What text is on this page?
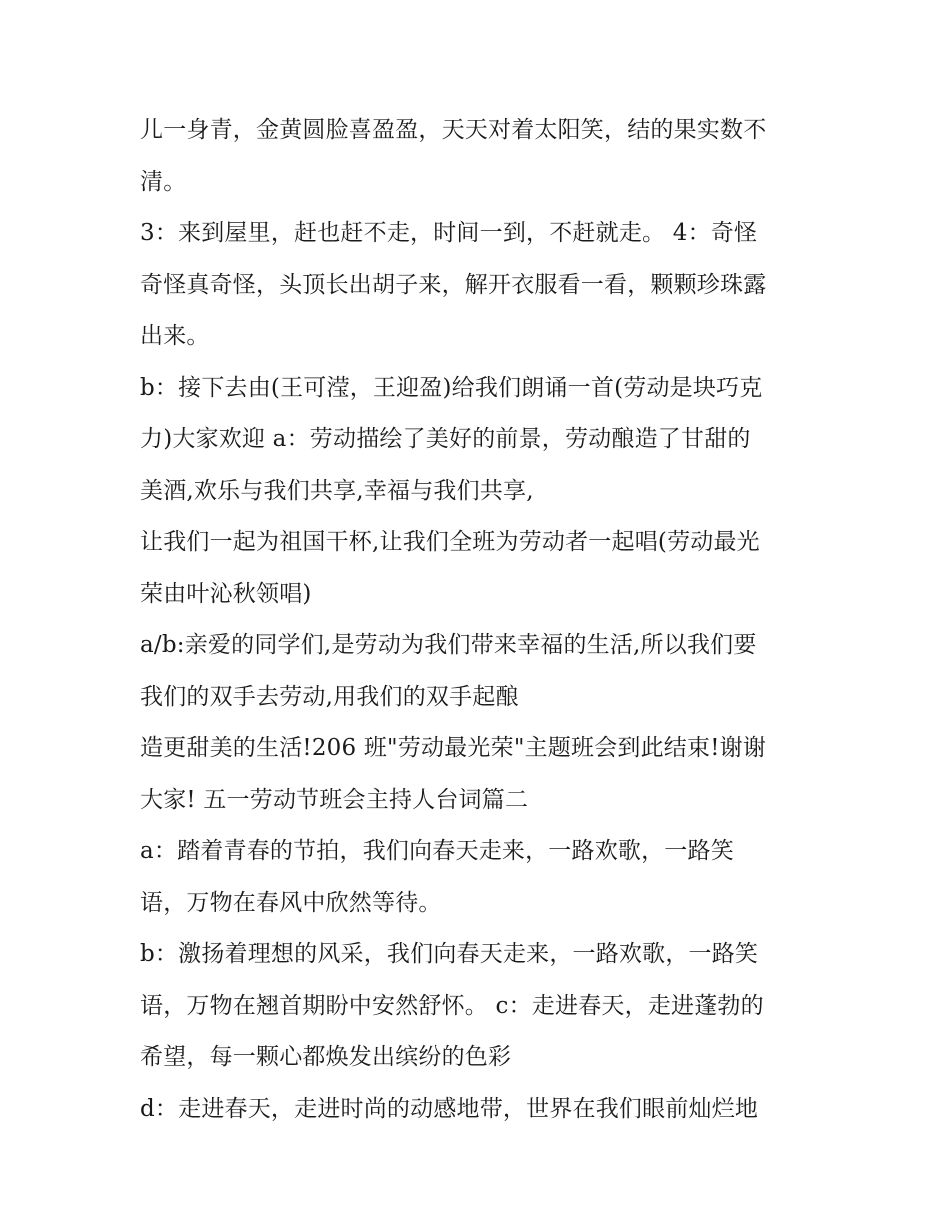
儿一身青，金黄圆脸喜盈盈，天天对着太阳笑，结的果实数不
清。
3：来到屋里，赶也赶不走，时间一到，不赶就走。 4：奇怪
奇怪真奇怪，头顶长出胡子来，解开衣服看一看，颗颗珍珠露
出来。
b：接下去由(王可滢，王迎盈)给我们朗诵一首(劳动是块巧克
力)大家欢迎 a：劳动描绘了美好的前景，劳动酿造了甘甜的
美酒,欢乐与我们共享,幸福与我们共享,
让我们一起为祖国干杯,让我们全班为劳动者一起唱(劳动最光
荣由叶沁秋领唱)
a/b:亲爱的同学们,是劳动为我们带来幸福的生活,所以我们要
我们的双手去劳动,用我们的双手起酿
造更甜美的生活!206 班"劳动最光荣"主题班会到此结束!谢谢
大家! 五一劳动节班会主持人台词篇二
a：踏着青春的节拍，我们向春天走来，一路欢歌，一路笑
语，万物在春风中欣然等待。
b：激扬着理想的风采，我们向春天走来，一路欢歌，一路笑
语，万物在翘首期盼中安然舒怀。 c：走进春天，走进蓬勃的
希望，每一颗心都焕发出缤纷的色彩
d：走进春天，走进时尚的动感地带，世界在我们眼前灿烂地
